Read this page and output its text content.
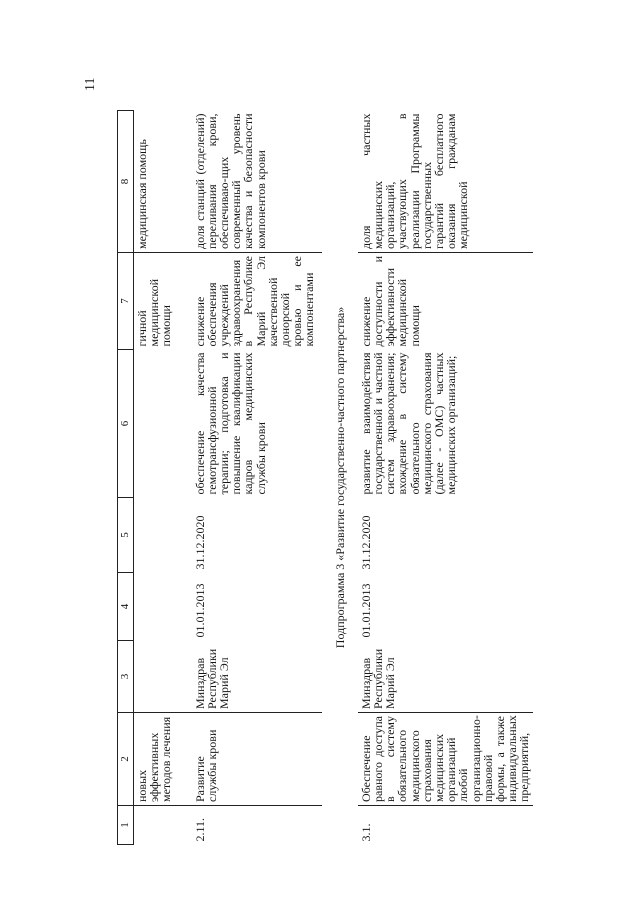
11
1	2	3	4	5	6	7	8
	новых эффективных методов лечения					гичной медицинской помощи	медицинская помощь
2.11.	Развитие службы крови	Минздрав Республики Марий Эл	01.01.2013	31.12.2020	обеспечение качества гемотрансфузионной терапии; подготовка и повышение квалификации кадров медицинских службы крови	снижение обеспечения учреждений здравоохранения в Республике Марий Эл качественной донорской кровью и ее компонентами	доля станций (отделений) переливания крови, обеспечиваю-щих современный уровень качества и безопасности компонентов крови
Подпрограмма 3 «Развитие государственно-частного партнерства»							
3.1.	Обеспечение равного доступа в систему обязательного медицинского страхования медицинских организаций любой организационно-правовой формы, а также индивидуальных предприятий,	Минздрав Республики Марий Эл	01.01.2013	31.12.2020	развитие взаимодействия государственной и частной систем здравоохранения; вхождение в систему обязательного медицинского страхования (далее - ОМС) частных медицинских организаций;	снижение доступности и эффективности медицинской помощи	доля частных медицинских организаций, участвующих в реализации Программы государственных гарантий бесплатного оказания гражданам медицинской
